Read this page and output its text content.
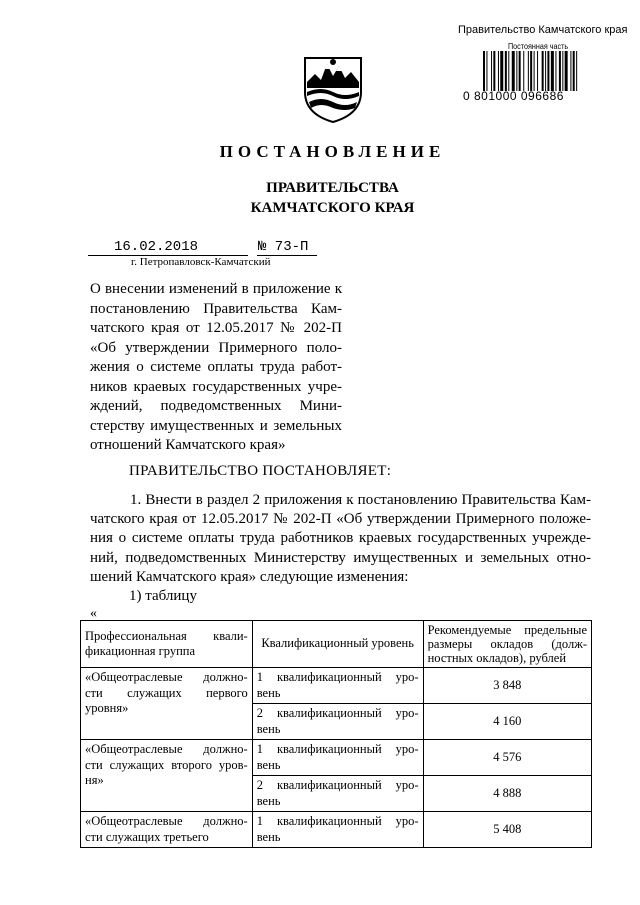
Правительство Камчатского края
Постоянная часть
0 801000 096686
ПОСТАНОВЛЕНИЕ
ПРАВИТЕЛЬСТВА
КАМЧАТСКОГО КРАЯ
16.02.2018	№ 73-П
г. Петропавловск-Камчатский
О внесении изменений в приложение к
постановлению Правительства Кам-
чатского края от 12.05.2017 № 202-П
«Об утверждении Примерного поло-
жения о системе оплаты труда работ-
ников краевых государственных учре-
ждений, подведомственных Мини-
стерству имущественных и земельных
отношений Камчатского края»
ПРАВИТЕЛЬСТВО ПОСТАНОВЛЯЕТ:
1. Внести в раздел 2 приложения к постановлению Правительства Кам-
чатского края от 12.05.2017 № 202-П «Об утверждении Примерного положе-
ния о системе оплаты труда работников краевых государственных учрежде-
ний, подведомственных Министерству имущественных и земельных отно-
шений Камчатского края» следующие изменения:
1) таблицу
«
Профессиональная квали-
фикационная группа	Квалификационный уровень	Рекомендуемые предельные
размеры окладов (долж-
ностных окладов), рублей

«Общеотраслевые должно-
сти служащих первого
уровня»	1 квалификационный уро-
вень	3 848

	2 квалификационный уро-
вень	4 160

«Общеотраслевые должно-
сти служащих второго уров-
ня»	1 квалификационный уро-
вень	4 576

	2 квалификационный уро-
вень	4 888

«Общеотраслевые должно-
сти служащих третьего	1 квалификационный уро-
вень	5 408
